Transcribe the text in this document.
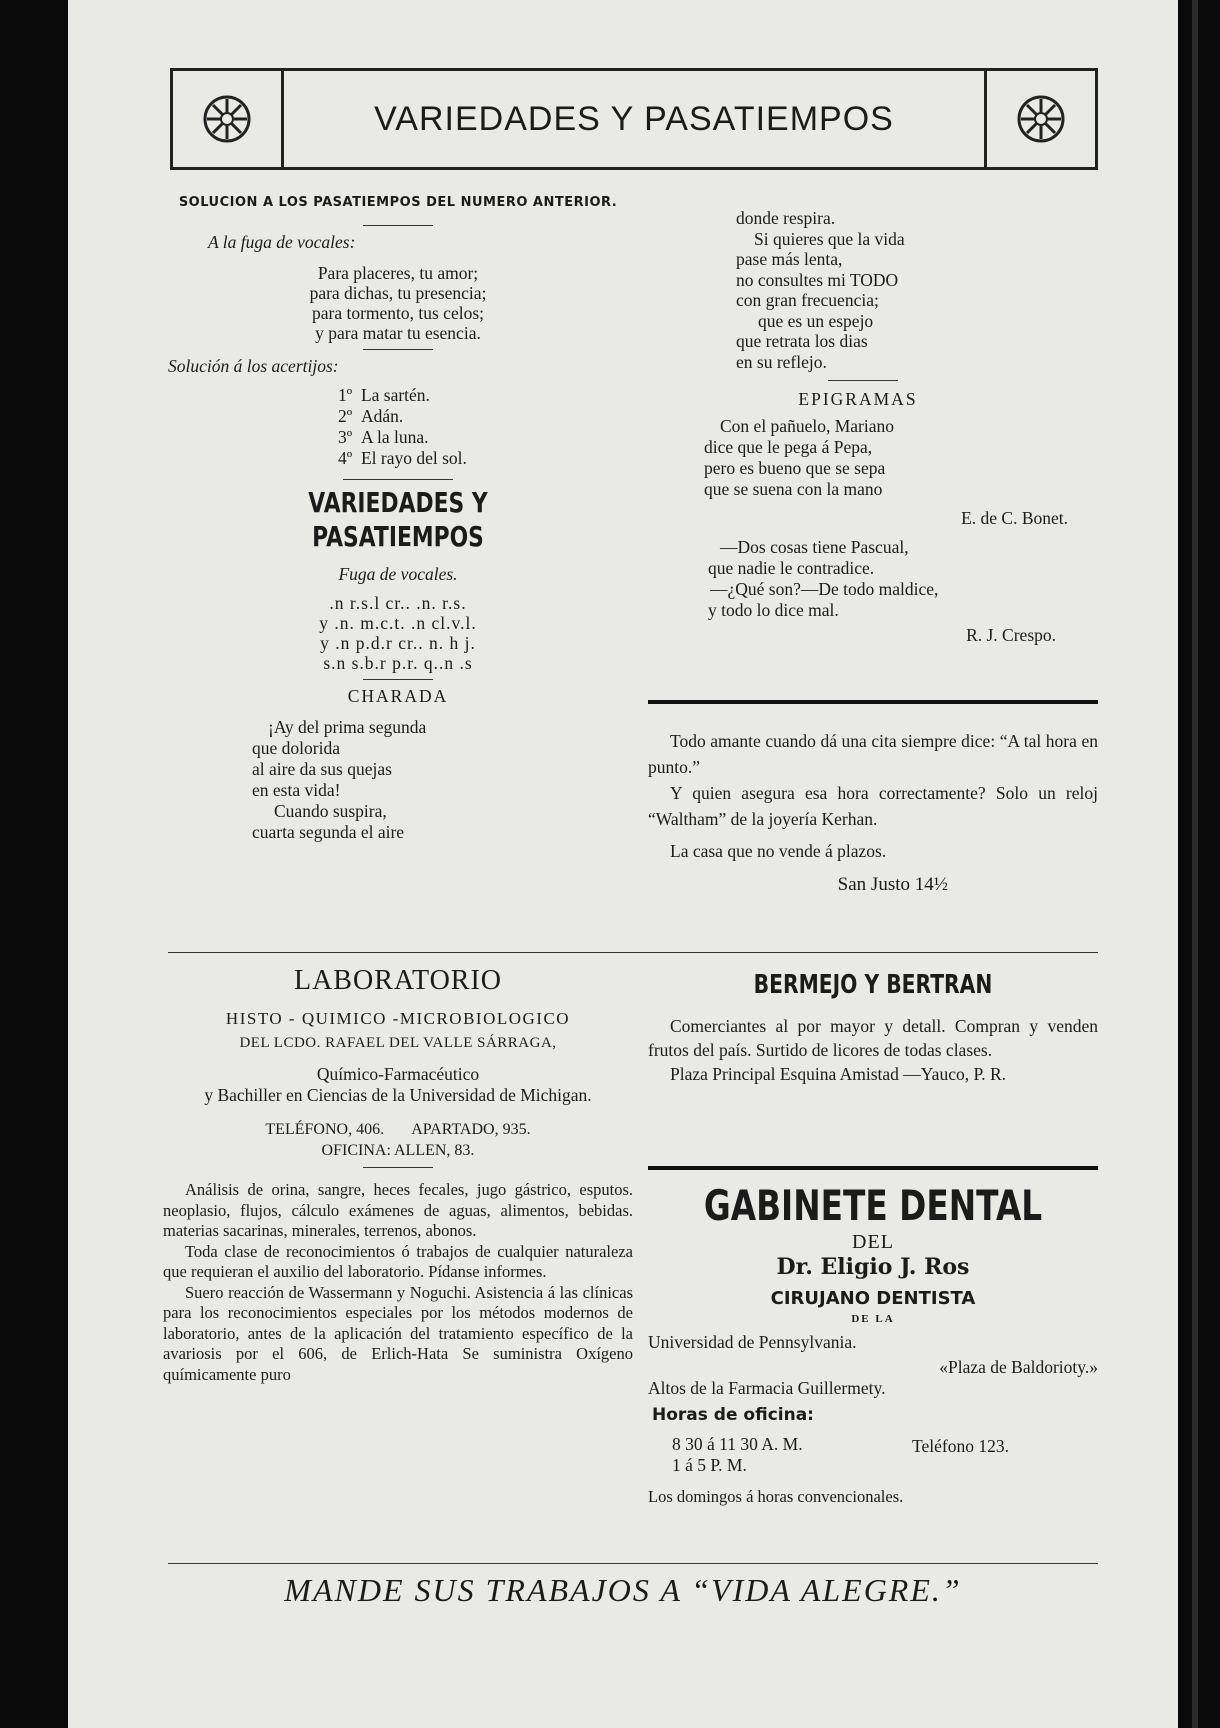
VARIEDADES Y PASATIEMPOS
SOLUCION A LOS PASATIEMPOS DEL NUMERO ANTERIOR.
A la fuga de vocales:
Para placeres, tu amor;
para dichas, tu presencia;
para tormento, tus celos;
y para matar tu esencia.
Solución á los acertijos:
1º La sartén.
2º Adán.
3º A la luna.
4º El rayo del sol.
VARIEDADES Y PASATIEMPOS
Fuga de vocales.
.n r.s.l cr.. .n. r.s.
y .n. m.c.t. .n cl.v.l.
y .n p.d.r cr.. n. h j.
s.n s.b.r p.r. q..n .s
CHARADA
¡Ay del prima segunda
que dolorida
al aire da sus quejas
en esta vida!
Cuando suspira,
cuarta segunda el aire
donde respira.
Si quieres que la vida
pase más lenta,
no consultes mi TODO
con gran frecuencia;
que es un espejo
que retrata los dias
en su reflejo.
EPIGRAMAS
Con el pañuelo, Mariano
dice que le pega á Pepa,
pero es bueno que se sepa
que se suena con la mano
E. de C. Bonet.
—Dos cosas tiene Pascual,
que nadie le contradice.
—¿Qué son?—De todo maldice,
y todo lo dice mal.
R. J. Crespo.
Todo amante cuando dá una cita siempre dice: “A tal hora en punto.”
Y quien asegura esa hora correctamente? Solo un reloj “Waltham” de la joyería Kerhan.
La casa que no vende á plazos.
San Justo 14½
LABORATORIO
HISTO - QUIMICO -MICROBIOLOGICO
DEL LCDO. RAFAEL DEL VALLE SÁRRAGA,
Químico-Farmacéutico
y Bachiller en Ciencias de la Universidad de Michigan.
TELÉFONO, 406. APARTADO, 935.
OFICINA: ALLEN, 83.
Análisis de orina, sangre, heces fecales, jugo gástrico, esputos. neoplasio, flujos, cálculo exámenes de aguas, alimentos, bebidas. materias sacarinas, minerales, terrenos, abonos.
Toda clase de reconocimientos ó trabajos de cualquier naturaleza que requieran el auxilio del laboratorio. Pídanse informes.
Suero reacción de Wassermann y Noguchi. Asistencia á las clínicas para los reconocimientos especiales por los métodos modernos de laboratorio, antes de la aplicación del tratamiento específico de la avariosis por el 606, de Erlich-Hata Se suministra Oxígeno químicamente puro
BERMEJO Y BERTRAN
Comerciantes al por mayor y detall. Compran y venden frutos del país. Surtido de licores de todas clases.
Plaza Principal Esquina Amistad —Yauco, P. R.
GABINETE DENTAL
DEL
Dr. Eligio J. Ros
CIRUJANO DENTISTA
DE LA
Universidad de Pennsylvania.
«Plaza de Baldorioty.»
Altos de la Farmacia Guillermety.
Horas de oficina:
8 30 á 11 30 A. M.
1 á 5 P. M.
Teléfono 123.
Los domingos á horas convencionales.
MANDE SUS TRABAJOS A “VIDA ALEGRE.”
